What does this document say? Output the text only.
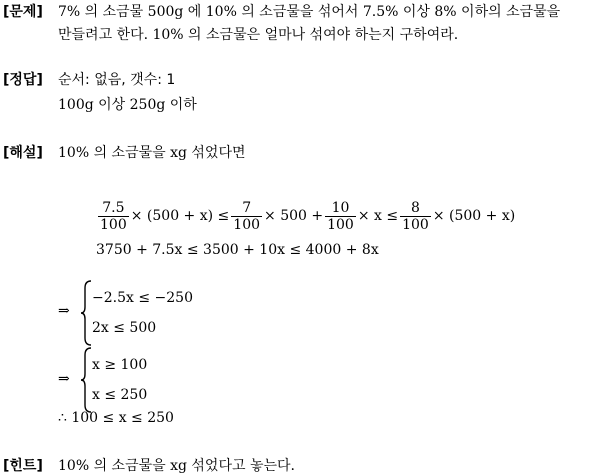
[문제] 7% 의 소금물 500g 에 10% 의 소금물을 섞어서 7.5% 이상 8% 이하의 소금물을
만들려고 한다. 10% 의 소금물은 얼마나 섞여야 하는지 구하여라.
[정답] 순서: 없음, 갯수: 1
100g 이상 250g 이하
[해설] 10% 의 소금물을 xg 섞었다면
$\frac{7.5}{100} \times (500 + x) \le \frac{7}{100} \times 500 + \frac{10}{100} \times x \le \frac{8}{100} \times (500 + x)$
3750 + 7.5x ≤ 3500 + 10x ≤ 4000 + 8x
⇒
−2.5x ≤ −250
2x ≤ 500
⇒
x ≥ 100
x ≤ 250
∴ 100 ≤ x ≤ 250
[힌트] 10% 의 소금물을 xg 섞었다고 놓는다.
